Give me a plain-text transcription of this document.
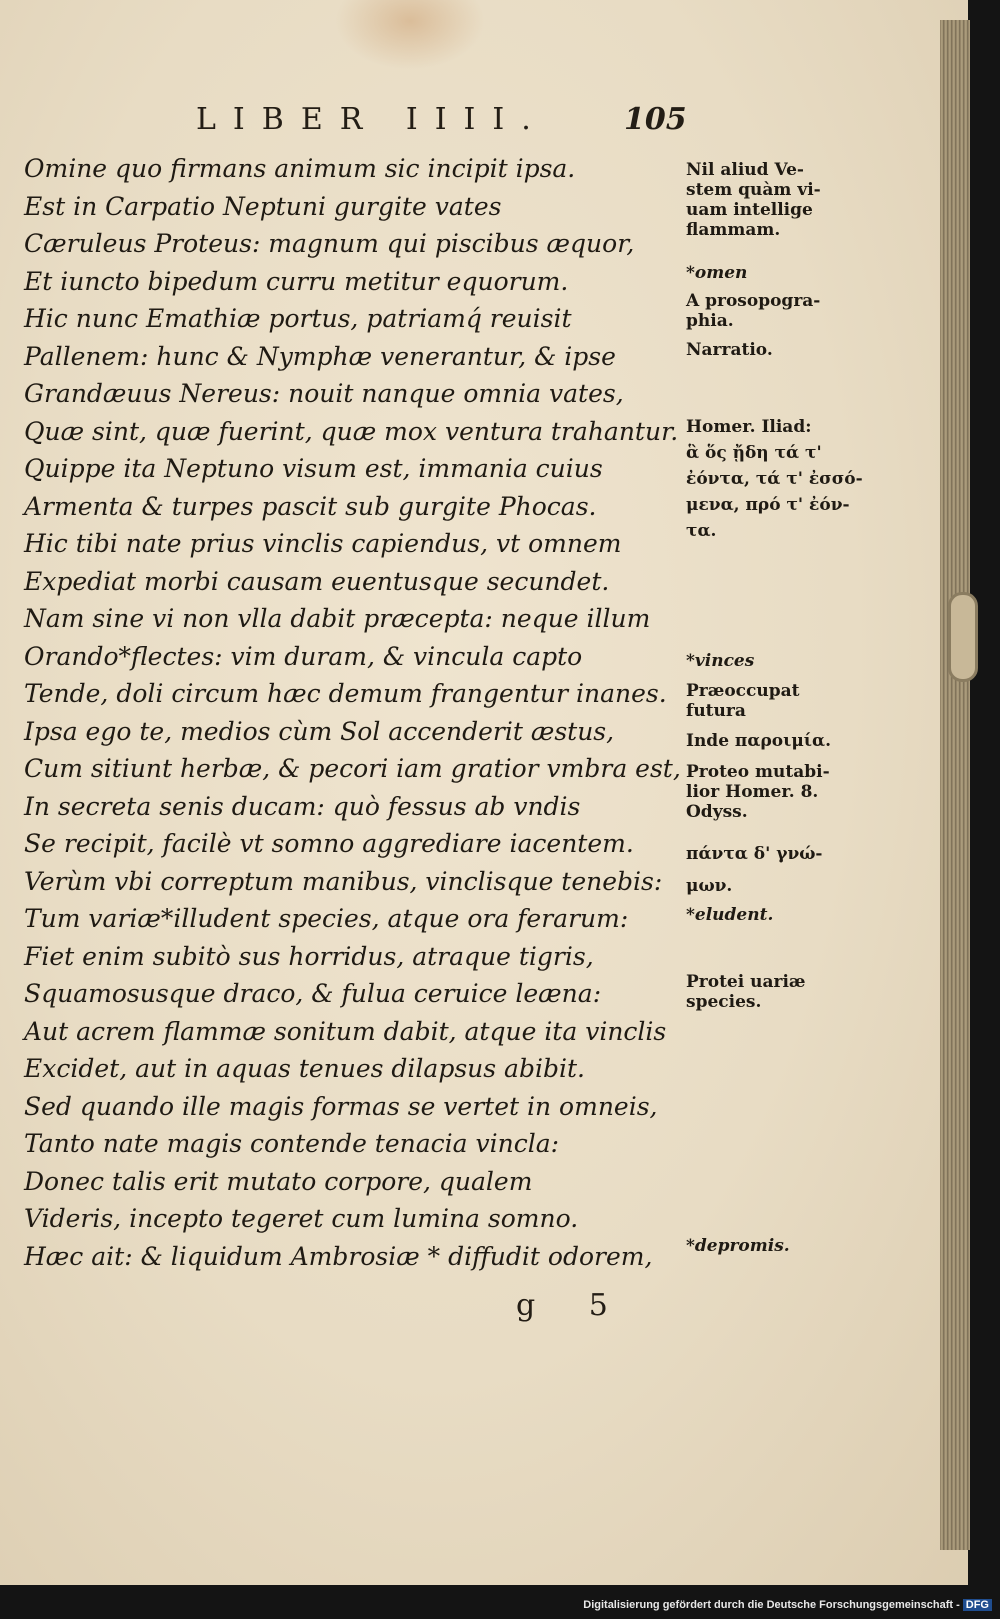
LIBER IIII.	105
Omine quo firmans animum sic incipit ipsa.
Est in Carpatio Neptuni gurgite vates
Cæruleus Proteus: magnum qui piscibus æquor,
Et iuncto bipedum curru metitur equorum.
Hic nunc Emathiæ portus, patriamq́ reuisit
Pallenem: hunc & Nymphæ venerantur, & ipse
Grandæuus Nereus: nouit nanque omnia vates,
Quæ sint, quæ fuerint, quæ mox ventura trahantur.
Quippe ita Neptuno visum est, immania cuius
Armenta & turpes pascit sub gurgite Phocas.
Hic tibi nate prius vinclis capiendus, vt omnem
Expediat morbi causam euentusque secundet.
Nam sine vi non vlla dabit præcepta: neque illum
Orando*flectes: vim duram, & vincula capto
Tende, doli circum hæc demum frangentur inanes.
Ipsa ego te, medios cùm Sol accenderit æstus,
Cum sitiunt herbæ, & pecori iam gratior vmbra est,
In secreta senis ducam: quò fessus ab vndis
Se recipit, facilè vt somno aggrediare iacentem.
Verùm vbi correptum manibus, vinclisque tenebis:
Tum variæ*illudent species, atque ora ferarum:
Fiet enim subitò sus horridus, atraque tigris,
Squamosusque draco, & fulua ceruice leæna:
Aut acrem flammæ sonitum dabit, atque ita vinclis
Excidet, aut in aquas tenues dilapsus abibit.
Sed quando ille magis formas se vertet in omneis,
Tanto nate magis contende tenacia vincla:
Donec talis erit mutato corpore, qualem
Videris, incepto tegeret cum lumina somno.
Hæc ait: & liquidum Ambrosiæ * diffudit odorem,
Nil aliud Ve-
stem quàm vi-
uam intellige
flammam.
*omen
A prosopogra-
phia.
Narratio.
Homer. Iliad:
ἃ ὅς ᾔδη τά τ'
ἐόντα, τά τ' ἐσσό-
μενα, πρό τ' ἐόν-
τα.
*vinces
Præoccupat
futura
Inde παροιμία.
Proteo mutabi-
lior Homer. 8.
Odyss.
πάντα δ' γνώ-
μων.
*eludent.
Protei uariæ
species.
*depromis.
g 5
Digitalisierung gefördert durch die Deutsche Forschungsgemeinschaft - DFG
